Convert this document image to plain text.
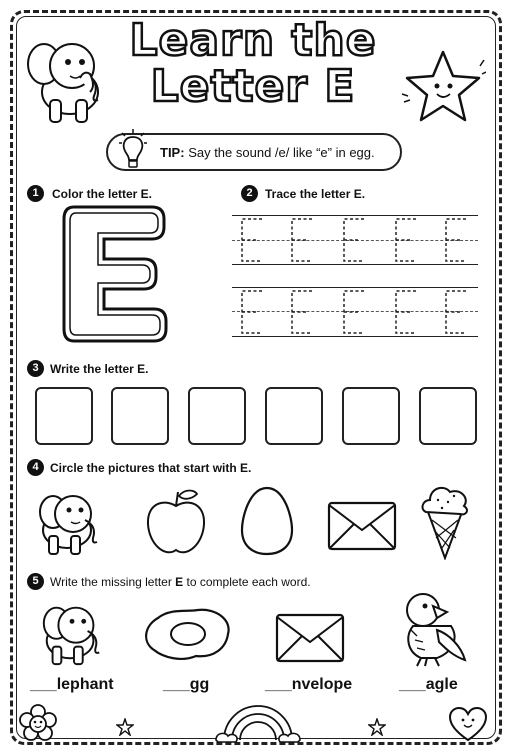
Learn the
Letter E
TIP: Say the sound /e/ like “e” in egg.
1	Color the letter E.	2	Trace the letter E.
3 Write the letter E.
4 Circle the pictures that start with E.
5 Write the missing letter E to complete each word.
___lephant	___gg	___nvelope	___agle
